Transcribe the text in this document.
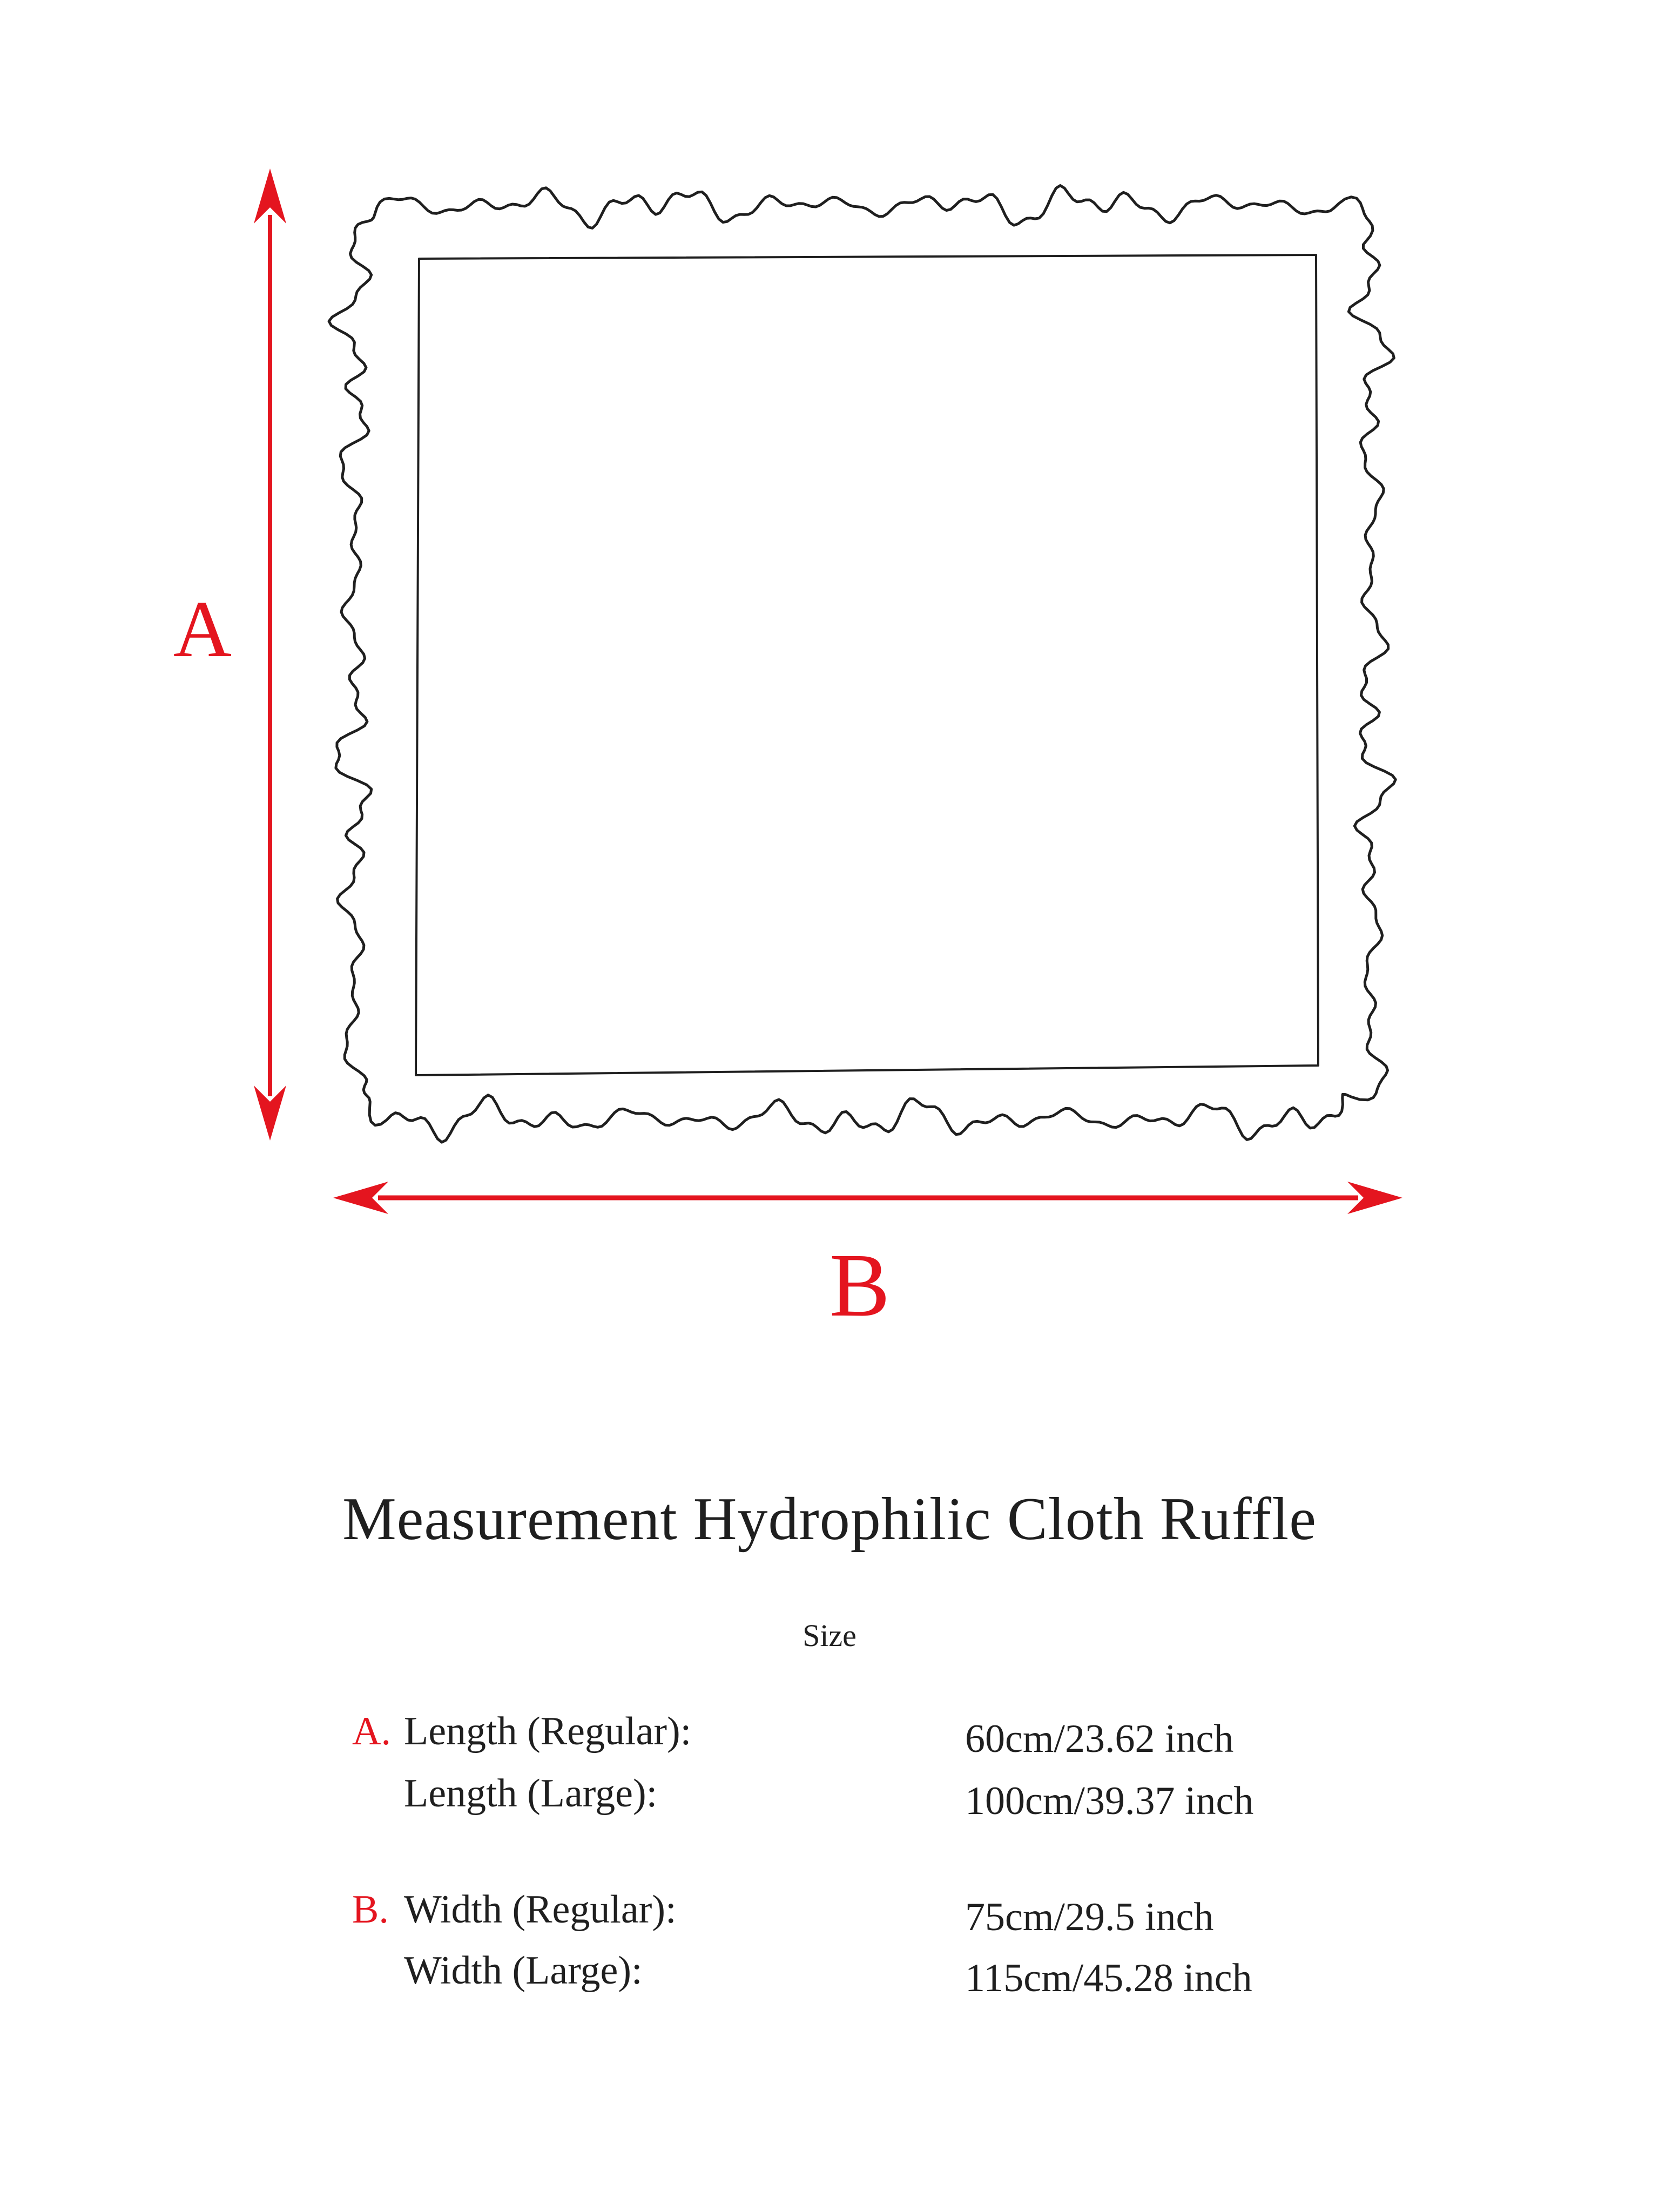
A
B
Measurement Hydrophilic Cloth Ruffle
Size
A. Length (Regular):	60cm/23.62 inch
Length (Large):	100cm/39.37 inch
B. Width (Regular):	75cm/29.5 inch
Width (Large):	115cm/45.28 inch
